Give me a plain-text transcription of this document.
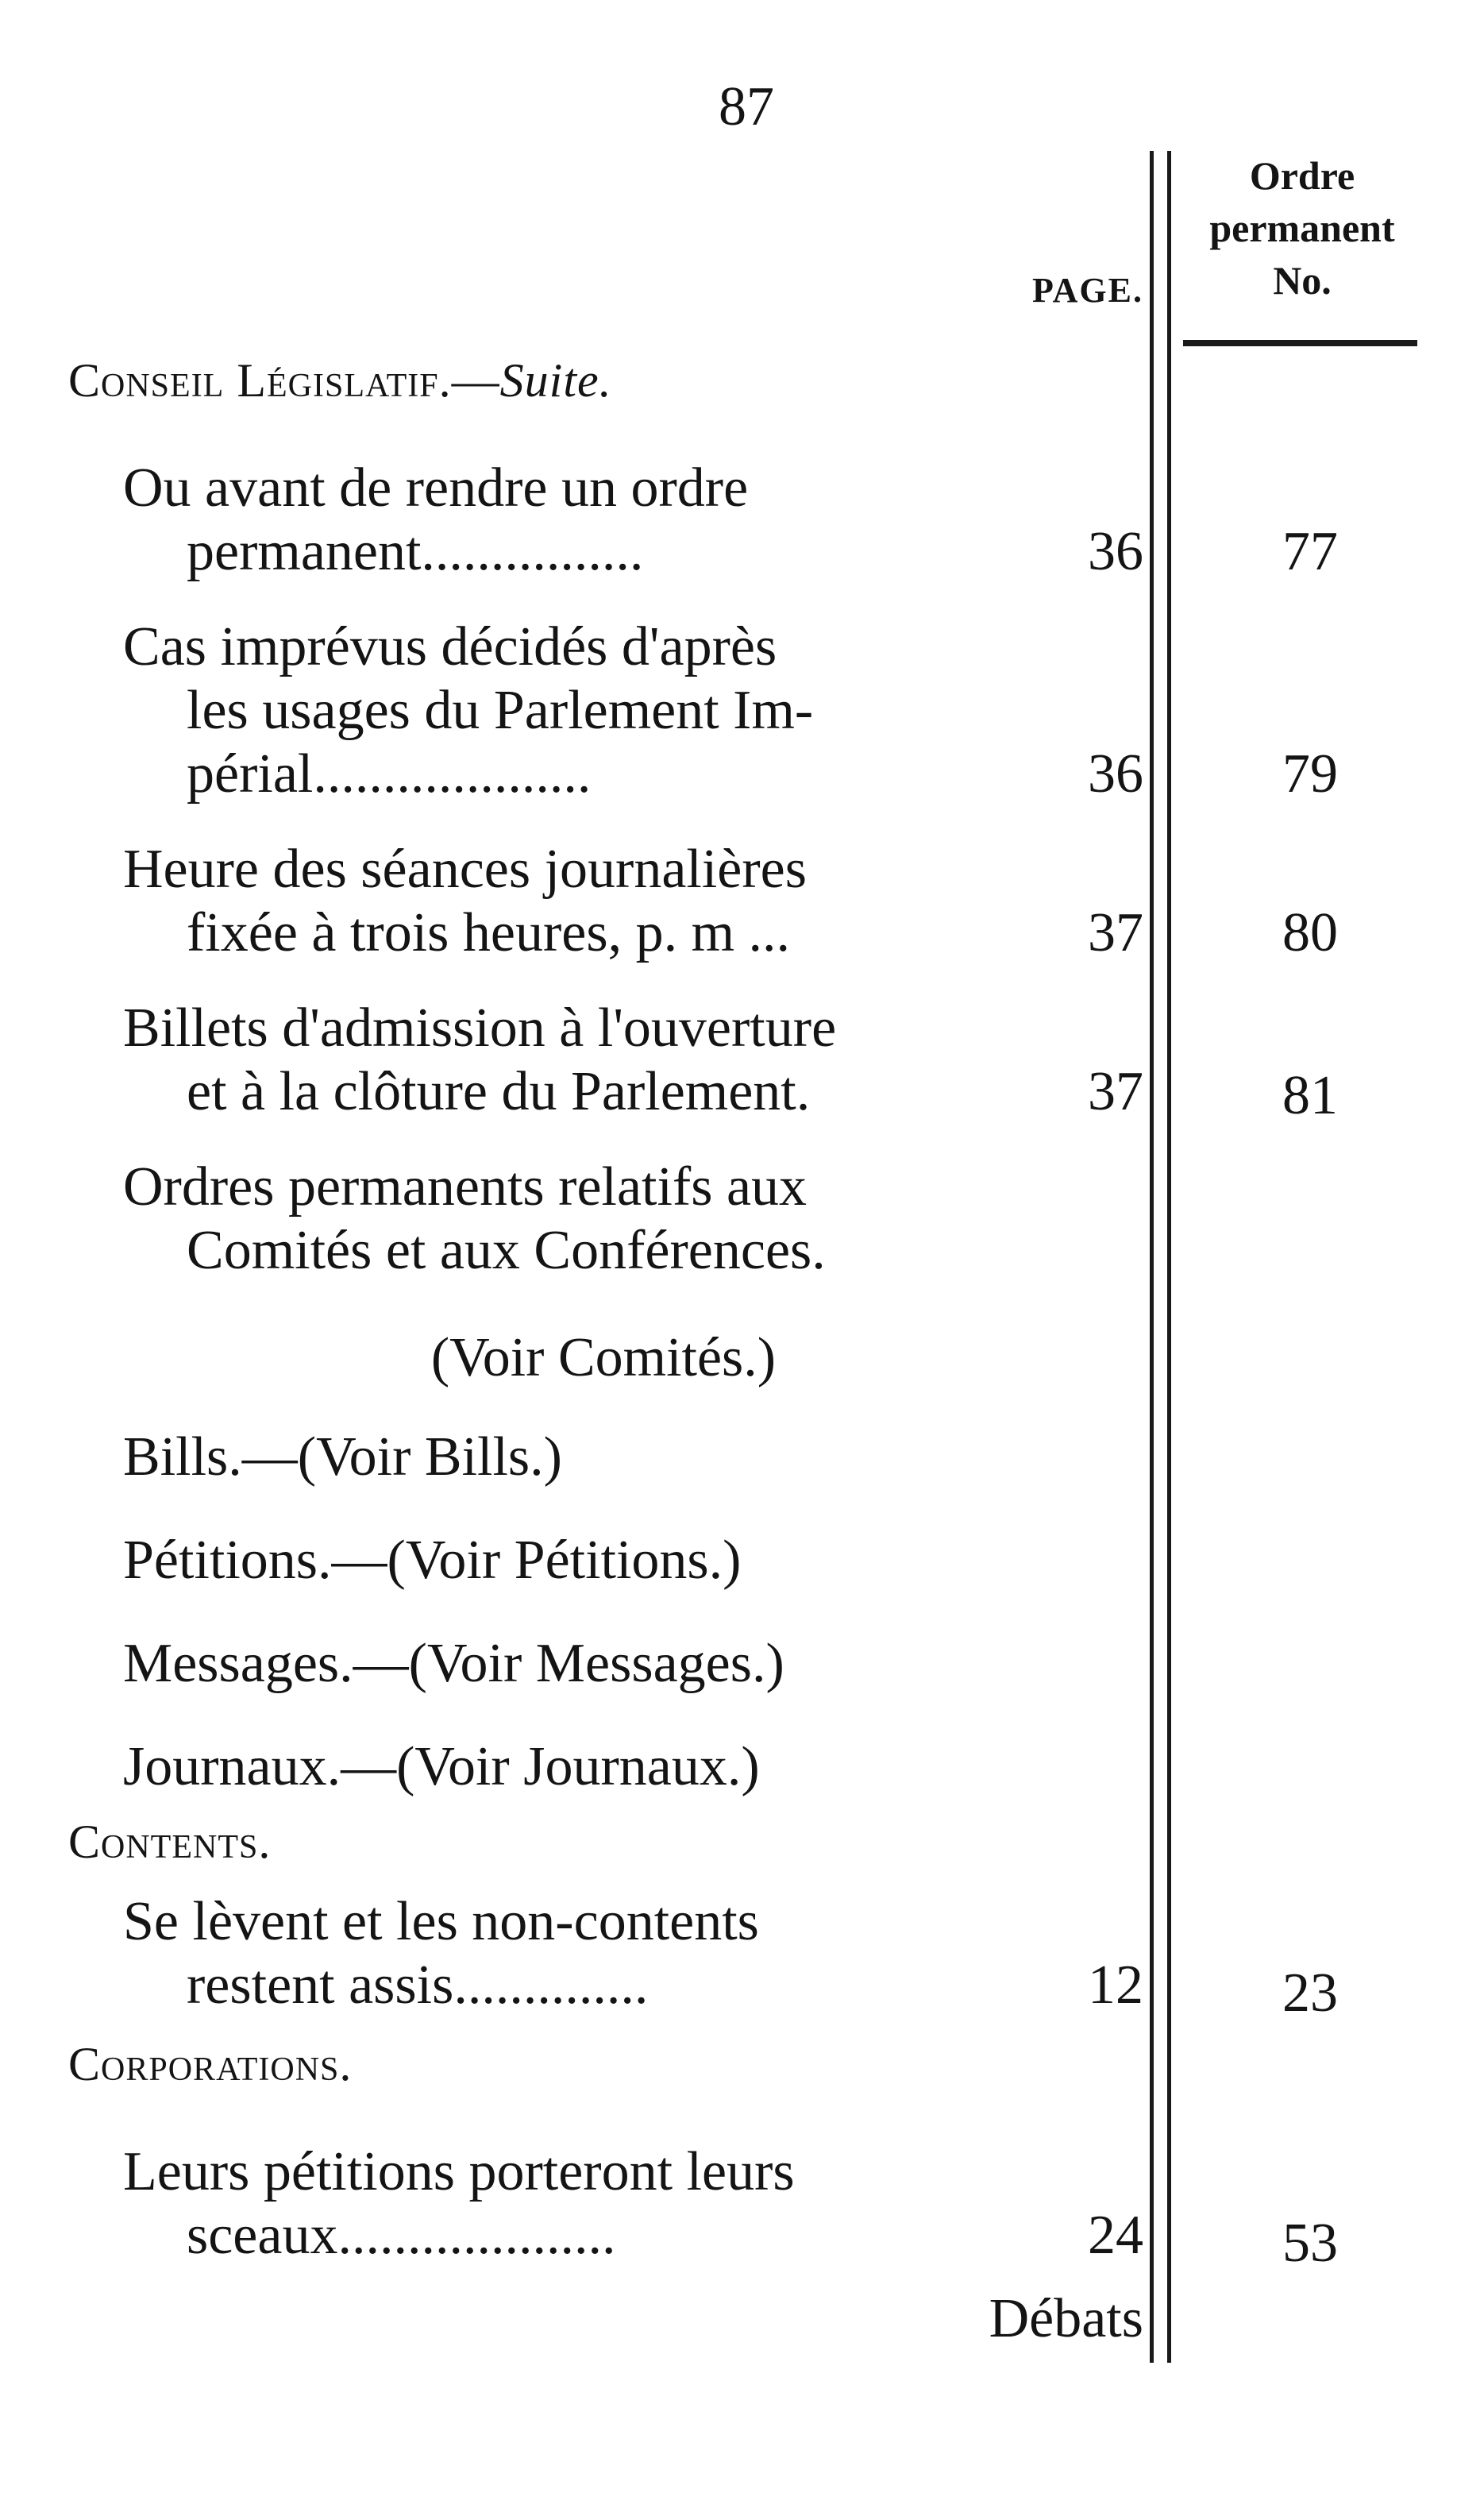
87
PAGE.
Ordre
permanent
No.
Conseil Législatif.—Suite.
Ou avant de rendre un ordre
permanent................	36	77
Cas imprévus décidés d'après
les usages du Parlement Im-
périal....................	36	79
Heure des séances journalières
fixée à trois heures, p. m ...	37	80
Billets d'admission à l'ouverture
et à la clôture du Parlement.	37	81
Ordres permanents relatifs aux
Comités et aux Conférences.
(Voir Comités.)
Bills.—(Voir Bills.)
Pétitions.—(Voir Pétitions.)
Messages.—(Voir Messages.)
Journaux.—(Voir Journaux.)
Contents.
Se lèvent et les non-contents
restent assis..............	12	23
Corporations.
Leurs pétitions porteront leurs
sceaux....................	24	53
Débats
